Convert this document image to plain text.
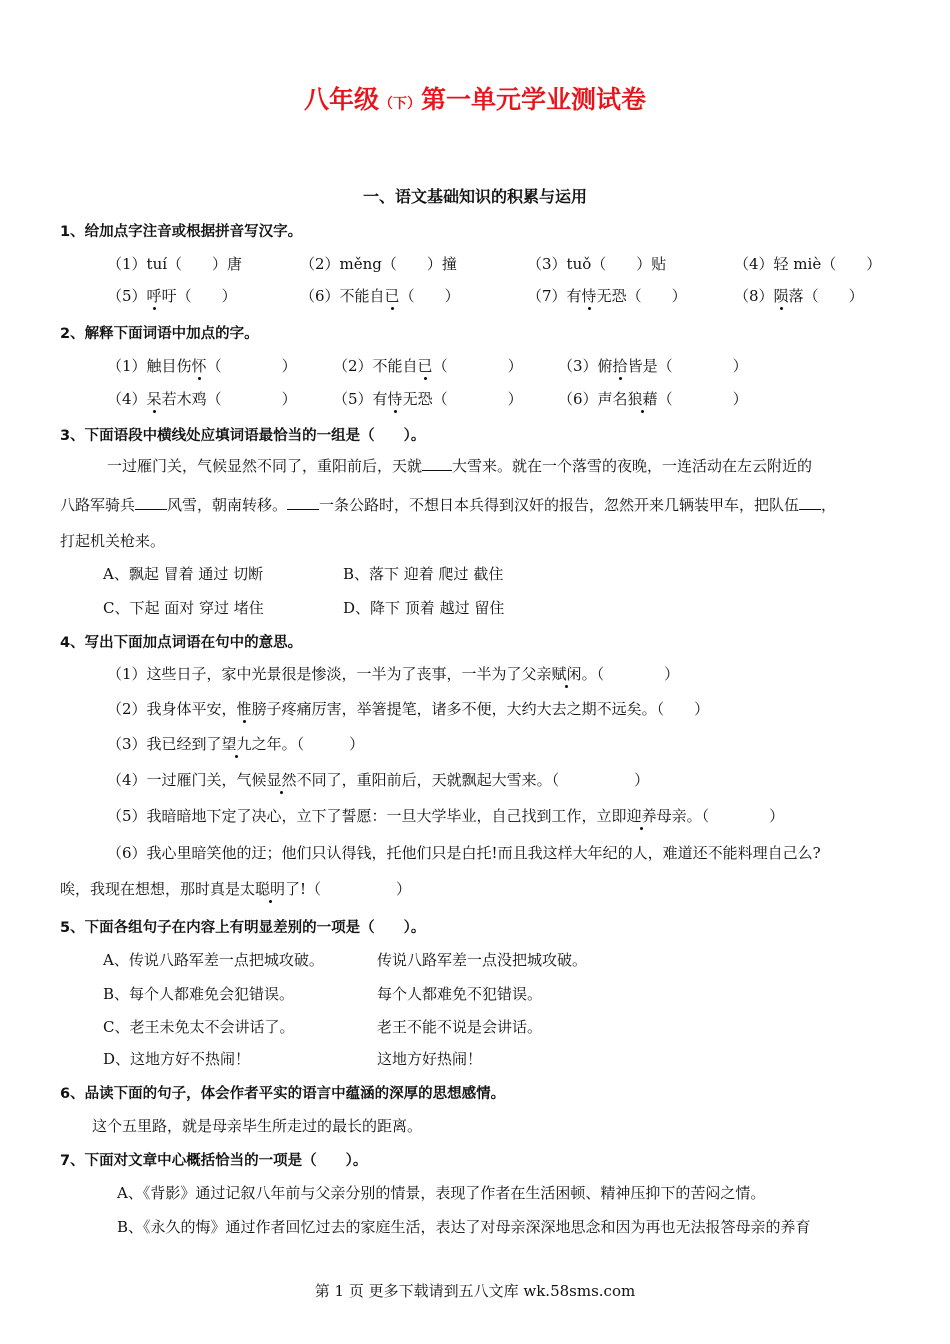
八年级（下）第一单元学业测试卷
一、语文基础知识的积累与运用
1、给加点字注音或根据拼音写汉字。
（1）tuí（　　）唐	（2）měng（　　）撞	（3）tuǒ（　　）贴	（4）轻 miè（　　）
（5）呼吁（　　）	（6）不能自已（　　）	（7）有恃无恐（　　）	（8）陨落（　　）
2、解释下面词语中加点的字。
（1）触目伤怀（　　　　） （2）不能自已（　　　　） （3）俯拾皆是（　　　　）
（4）呆若木鸡（　　　　） （5）有恃无恐（　　　　） （6）声名狼藉（　　　　）
3、下面语段中横线处应填词语最恰当的一组是（　　）。
一过雁门关，气候显然不同了，重阳前后，天就 大雪来。就在一个落雪的夜晚，一连活动在左云附近的
八路军骑兵 风雪，朝南转移。 一条公路时，不想日本兵得到汉奸的报告，忽然开来几辆装甲车，把队伍 ，
打起机关枪来。
A、飘起 冒着 通过 切断	B、落下 迎着 爬过 截住
C、下起 面对 穿过 堵住	D、降下 顶着 越过 留住
4、写出下面加点词语在句中的意思。
（1）这些日子，家中光景很是惨淡，一半为了丧事，一半为了父亲赋闲。（　　　　）
（2）我身体平安，惟膀子疼痛厉害，举箸提笔，诸多不便，大约大去之期不远矣。（　　）
（3）我已经到了望九之年。（　　　）
（4）一过雁门关，气候显然不同了，重阳前后，天就飘起大雪来。（　　　　　）
（5）我暗暗地下定了决心，立下了誓愿：一旦大学毕业，自己找到工作，立即迎养母亲。（　　　　）
（6）我心里暗笑他的迂；他们只认得钱，托他们只是白托!而且我这样大年纪的人，难道还不能料理自己么?
唉，我现在想想，那时真是太聪明了!（　　　　　）
5、下面各组句子在内容上有明显差别的一项是（　　）。
A、传说八路军差一点把城攻破。	传说八路军差一点没把城攻破。
B、每个人都难免会犯错误。	每个人都难免不犯错误。
C、老王未免太不会讲话了。	老王不能不说是会讲话。
D、这地方好不热闹！	这地方好热闹！
6、品读下面的句子，体会作者平实的语言中蕴涵的深厚的思想感情。
这个五里路，就是母亲毕生所走过的最长的距离。
7、下面对文章中心概括恰当的一项是（　　）。
A、《背影》通过记叙八年前与父亲分别的情景，表现了作者在生活困顿、精神压抑下的苦闷之情。
B、《永久的悔》通过作者回忆过去的家庭生活，表达了对母亲深深地思念和因为再也无法报答母亲的养育
第 1 页 更多下载请到五八文库 wk.58sms.com
